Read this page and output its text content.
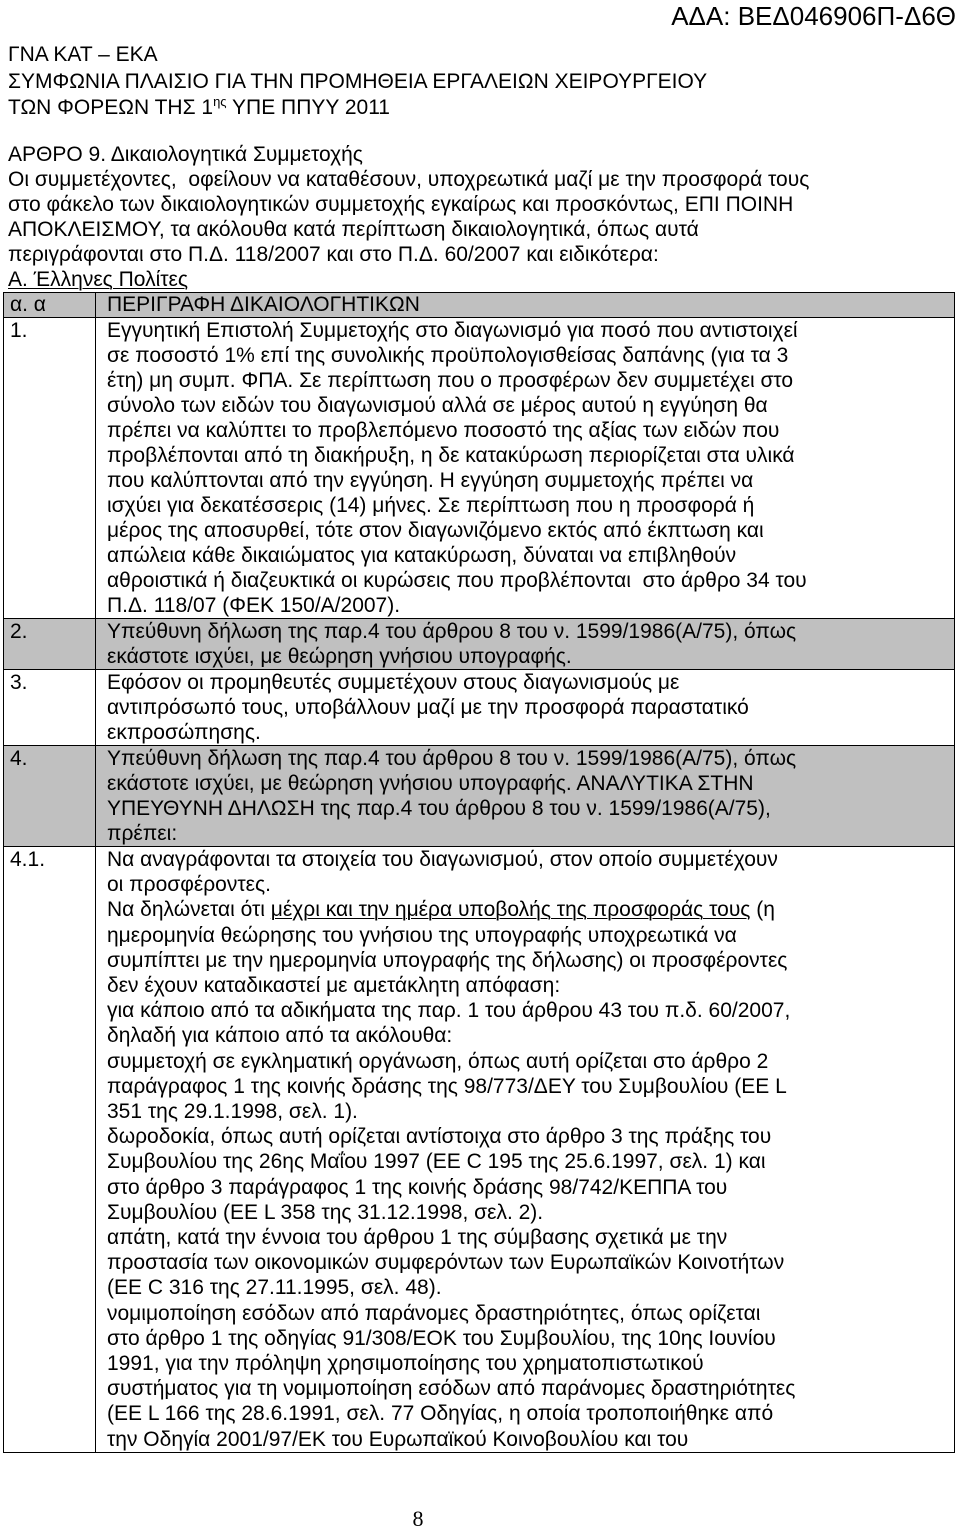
ΑΔΑ: ΒΕΔ046906Π-Δ6Θ
ΓΝΑ ΚΑΤ – ΕΚΑ
ΣΥΜΦΩΝΙΑ ΠΛΑΙΣΙΟ ΓΙΑ ΤΗΝ ΠΡΟΜΗΘΕΙΑ ΕΡΓΑΛΕΙΩΝ ΧΕΙΡΟΥΡΓΕΙΟΥ
ΤΩΝ ΦΟΡΕΩΝ ΤΗΣ $1^{\eta\varsigma}$ ΥΠΕ ΠΠΥΥ 2011
ΑΡΘΡΟ 9. Δικαιολογητικά Συμμετοχής
Οι συμμετέχοντες,  οφείλουν να καταθέσουν, υποχρεωτικά μαζί με την προσφορά τους
στο φάκελο των δικαιολογητικών συμμετοχής εγκαίρως και προσκόντως, ΕΠΙ ΠΟΙΝΗ
ΑΠΟΚΛΕΙΣΜΟΥ, τα ακόλουθα κατά περίπτωση δικαιολογητικά, όπως αυτά
περιγράφονται στο Π.Δ. 118/2007 και στο Π.Δ. 60/2007 και ειδικότερα:
Α. Έλληνες Πολίτες
α. α	ΠΕΡΙΓΡΑΦΗ ΔΙΚΑΙΟΛΟΓΗΤΙΚΩΝ
1.	Εγγυητική Επιστολή Συμμετοχής στο διαγωνισμό για ποσό που αντιστοιχεί
σε ποσοστό 1% επί της συνολικής προϋπολογισθείσας δαπάνης (για τα 3
έτη) μη συμπ. ΦΠΑ. Σε περίπτωση που ο προσφέρων δεν συμμετέχει στο
σύνολο των ειδών του διαγωνισμού αλλά σε μέρος αυτού η εγγύηση θα
πρέπει να καλύπτει το προβλεπόμενο ποσοστό της αξίας των ειδών που
προβλέπονται από τη διακήρυξη, η δε κατακύρωση περιορίζεται στα υλικά
που καλύπτονται από την εγγύηση. Η εγγύηση συμμετοχής πρέπει να
ισχύει για δεκατέσσερις (14) μήνες. Σε περίπτωση που η προσφορά ή
μέρος της αποσυρθεί, τότε στον διαγωνιζόμενο εκτός από έκπτωση και
απώλεια κάθε δικαιώματος για κατακύρωση, δύναται να επιβληθούν
αθροιστικά ή διαζευκτικά οι κυρώσεις που προβλέπονται  στο άρθρο 34 του
Π.Δ. 118/07 (ΦΕΚ 150/Α/2007).
2.	Υπεύθυνη δήλωση της παρ.4 του άρθρου 8 του ν. 1599/1986(Α/75), όπως
εκάστοτε ισχύει, με θεώρηση γνήσιου υπογραφής.
3.	Εφόσον οι προμηθευτές συμμετέχουν στους διαγωνισμούς με
αντιπρόσωπό τους, υποβάλλουν μαζί με την προσφορά παραστατικό
εκπροσώπησης.
4.	Υπεύθυνη δήλωση της παρ.4 του άρθρου 8 του ν. 1599/1986(Α/75), όπως
εκάστοτε ισχύει, με θεώρηση γνήσιου υπογραφής. ΑΝΑΛΥΤΙΚΑ ΣΤΗΝ
ΥΠΕΥΘΥΝΗ ΔΗΛΩΣΗ της παρ.4 του άρθρου 8 του ν. 1599/1986(Α/75),
πρέπει:
4.1.	Να αναγράφονται τα στοιχεία του διαγωνισμού, στον οποίο συμμετέχουν
οι προσφέροντες.
Να δηλώνεται ότι μέχρι και την ημέρα υποβολής της προσφοράς τους (η
ημερομηνία θεώρησης του γνήσιου της υπογραφής υποχρεωτικά να
συμπίπτει με την ημερομηνία υπογραφής της δήλωσης) οι προσφέροντες
δεν έχουν καταδικαστεί με αμετάκλητη απόφαση:
για κάποιο από τα αδικήματα της παρ. 1 του άρθρου 43 του π.δ. 60/2007,
δηλαδή για κάποιο από τα ακόλουθα:
συμμετοχή σε εγκληματική οργάνωση, όπως αυτή ορίζεται στο άρθρο 2
παράγραφος 1 της κοινής δράσης της 98/773/ΔΕΥ του Συμβουλίου (ΕΕ L
351 της 29.1.1998, σελ. 1).
δωροδοκία, όπως αυτή ορίζεται αντίστοιχα στο άρθρο 3 της πράξης του
Συμβουλίου της 26ης Μαΐου 1997 (ΕΕ C 195 της 25.6.1997, σελ. 1) και
στο άρθρο 3 παράγραφος 1 της κοινής δράσης 98/742/ΚΕΠΠΑ του
Συμβουλίου (ΕΕ L 358 της 31.12.1998, σελ. 2).
απάτη, κατά την έννοια του άρθρου 1 της σύμβασης σχετικά με την
προστασία των οικονομικών συμφερόντων των Ευρωπαϊκών Κοινοτήτων
(ΕΕ C 316 της 27.11.1995, σελ. 48).
νομιμοποίηση εσόδων από παράνομες δραστηριότητες, όπως ορίζεται
στο άρθρο 1 της οδηγίας 91/308/ΕΟΚ του Συμβουλίου, της 10ης Ιουνίου
1991, για την πρόληψη χρησιμοποίησης του χρηματοπιστωτικού
συστήματος για τη νομιμοποίηση εσόδων από παράνομες δραστηριότητες
(ΕΕ L 166 της 28.6.1991, σελ. 77 Οδηγίας, η οποία τροποποιήθηκε από
την Οδηγία 2001/97/ΕΚ του Ευρωπαϊκού Κοινοβουλίου και του
8
